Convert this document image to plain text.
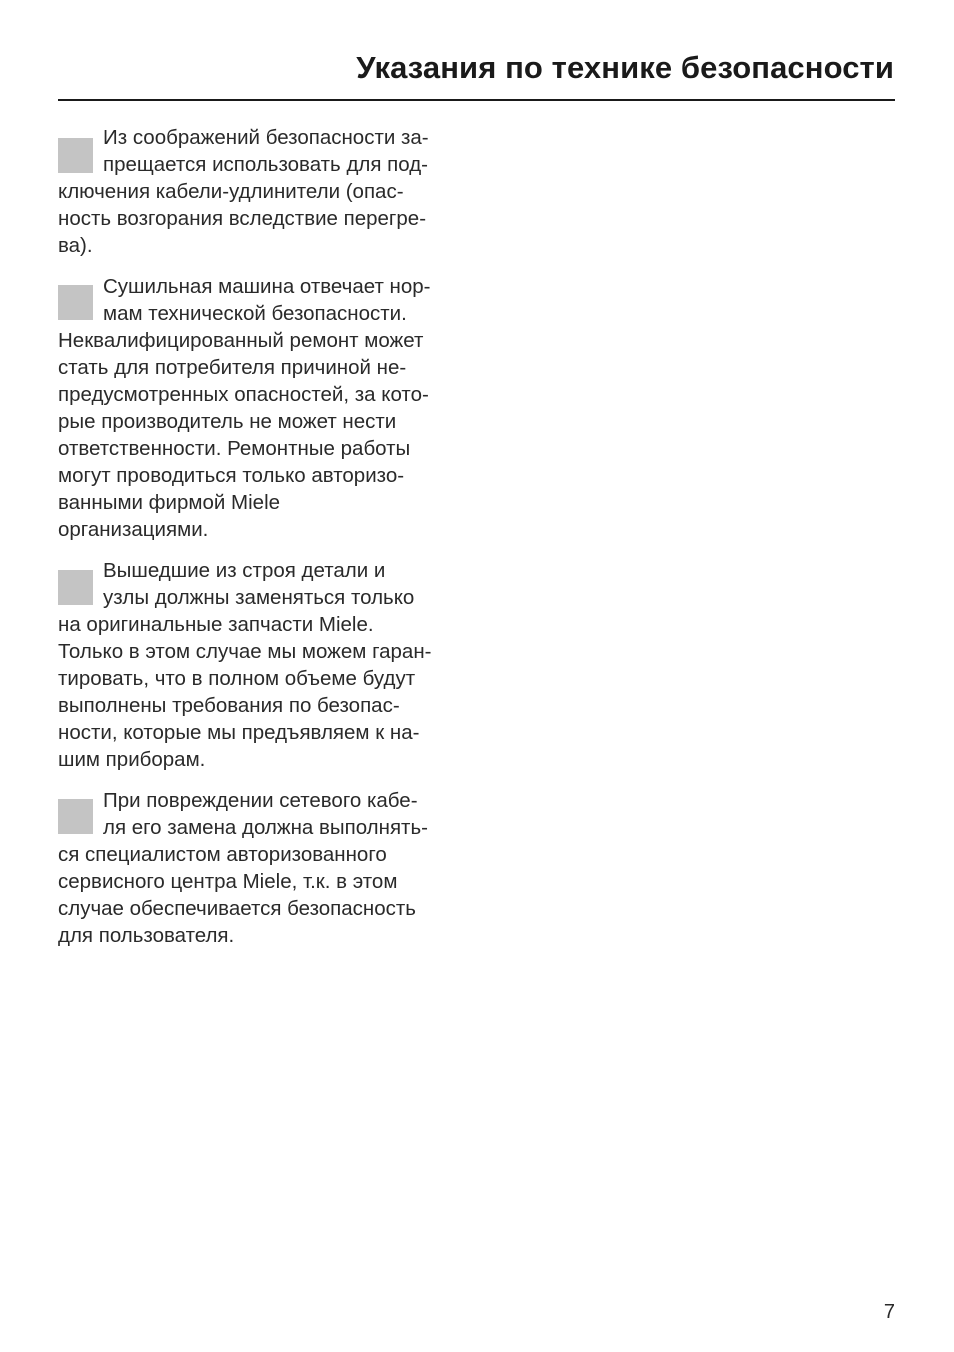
Указания по технике безопасности
Из соображений безопасности за-
прещается использовать для под-
ключения кабели-удлинители (опас-
ность возгорания вследствие перегре-
ва).
Сушильная машина отвечает нор-
мам технической безопасности.
Неквалифицированный ремонт может
стать для потребителя причиной не-
предусмотренных опасностей, за кото-
рые производитель не может нести
ответственности. Ремонтные работы
могут проводиться только авторизо-
ванными фирмой Miele
организациями.
Вышедшие из строя детали и
узлы должны заменяться только
на оригинальные запчасти Miele.
Только в этом случае мы можем гаран-
тировать, что в полном объеме будут
выполнены требования по безопас-
ности, которые мы предъявляем к на-
шим приборам.
При повреждении сетевого кабе-
ля его замена должна выполнять-
ся специалистом авторизованного
сервисного центра Miele, т.к. в этом
случае обеспечивается безопасность
для пользователя.
7
